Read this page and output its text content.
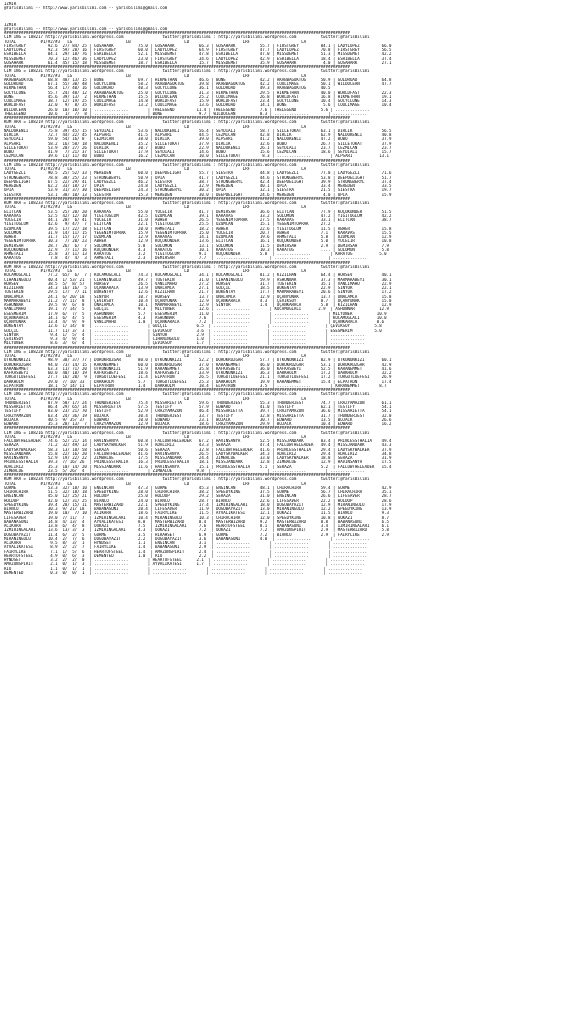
IZMIR
@YarisBilimi -- http://www.yarisbilimi.com -- yarisbilimi@gmail.com
IZMIR
@YarisBilimi -- http://www.yarisbilimi.com -- yarisbilimi@gmail.com
##############################################################################################################################################
CIM ING = 188217 http://yarisbilimi.wordpress.com                twitter:@YarisBilimi : http://yarisbilimi.wordpress.com          twitter:@YarisBilimi
TOTAL          #1/#2/#3   LG                      LB                      LD                      LRF                     LA
FIRSTGREY         92.6  27/ 84/ 25 | GOSAHARK          75.0 | GOSAHARK          66.3 | GOSAHARK          55.7 | FIRSTGREY         84.1 | LADYLOPEZ         66.0
LADYLOPEZ         92.3  59/ 28/ 16 | FIRSTGREY         60.0 | LADYLOPEZ         64.9 | FIRSTGREY         47.7 | LADYLOPEZ         70.8 | FIRSTGREY         56.5
ESRIBELLA         84.1  29/ 18/ 76 | ESRIBELLA         52.1 | MISSDEMET         47.8 | ESRIBELLA         47.0 | MISSDEMET         51.3 | MISSDEMET         42.2
MISSDEMET         70.3  12/ 46/ 36 | LADYLOPEZ         23.0 | FIRSTGREY         34.6 | LADYLOPEZ         42.9 | ESRIBELLA         18.4 | ESRIBELLA         37.4
GOSAHARK          61.4  45/ 15/ 18 | MISSDEMET         18.7 | ESRIBELLA         15.7 | MISSDEMET         35.9 | GOSAHARK           4.0 | GOSAHARK          27.1
##############################################################################################################################################
CIM ING = 188231 http://yarisbilimi.wordpress.com                twitter:@YarisBilimi : http://yarisbilimi.wordpress.com          twitter:@YarisBilimi
TOTAL          #1/#2/#3   LG                      LB                      LD                      LRF                     LA
AKABBAGÖKTUG      68.8  48/ 13/ 15 | BONE              69.7 | HIKMETHAN         46.6 | BONE              42.2 | AKABBAGÖKTUG      50.9 | GOLDROAD          64.8
GOLDROAD          67.1  55/ 30/ 48 | GOCYCLONE         58.2 | AKABBAGÖKTUG      39.8 | AKABBAGÖKTUG      42.2 | COOLIMAGE         50.1 | WILDOCEAN         47.7
HIKMETHAN         56.4  17/ 40/ 16 | GOLDROAD          40.3 | GOCYCLONE         36.1 | GOLDROAD          49.3 | AKABBAGÖKTUG      40.5
GOCYCLONE         55.7  24/ 40/ 12 | AKABBAGÖKTUG      25.0 | GOCYCLONE         31.3 | HIKMETHAN         29.5 | HIKMETHAN         40.0 | WORLDFAST         22.3
BONE              45.6  39/ 13/  2 | HIKMETHAN         15.5 | WILDOCEAN         25.2 | COOLIMAGE         26.8 | WORLDFAST         16.8 | HIKMETHAN         19.1
COOLIMAGE         38.7  12/ 19/ 25 | COOLIMAGE         14.8 | WORLDFAST         15.9 | WORLDFAST         23.4 | GOCYCLONE         10.4 | GOCYCLONE         14.3
WORLDFAST         32.0   9/  8/ 35 | WORLDFAST         13.2 | COOLIMAGE         13.6 | GOLDROAD          14.1 | BONE               5.6 | COOLIMAGE         10.4
WILDOCEAN         26.0  10/ 10/ 10 | ..............        | THELEGEND         11.4 | THELEGEND          7.6 | THELEGEND          5.6 | ..............
THELEGEND         10.6   1/  7/  8 | ..............        | BONE               9.7 | WILDOCEAN          8.3 | ..............        | ..............
##############################################################################################################################################
KUM ARA = 188219 http://yarisbilimi.wordpress.com                twitter:@YarisBilimi : http://yarisbilimi.wordpress.com          twitter:@YarisBilimi
TOTAL          #1/#2/#3   LG                      LB                      LD                      LRF                     LA
NALDÖKENLI        75.8  39/ 45/ 15 | SEYDIALI          53.6 | NALDÖKENLI        56.4 | SEYDIALI          58.7 | SILLETOKAT        63.1 | DIRLIK            56.5
DIRLIK            72.7  44/ 22/ 45 | ALPSARI           41.5 | ALPSARI           44.5 | CEZMICAN          42.8 | DIRLIK            62.9 | NALDÖKENLI        40.8
SEYDIALI          59.0  54/ 16/ 8  | CEZMICAN          38.0 | DIRLIK            39.0 | ALPSARI           41.2 | NALDÖKENLI        47.2 | BUBO              37.9
ALPSARI           58.2  16/ 58/ 18 | NALDÖKENLI        35.2 | SILLETOKAT        37.9 | DIRLIK            32.6 | BUBO              26.7 | SILLETOKAT        37.9
SILLETOKAT        53.9  20/ 27/ 26 | DIRLIK            30.7 | BUBO              22.9 | NALDÖKENLI        26.1 | SEYDIALI          23.7 | CEZMICAN          23.7
BUBO              41.9   7/ 21/ 37 | SILLETOKAT        17.9 | SEYDIALI          14.6 | BUBO              15.6 | CEZMICAN          18.6 | SEYDIALI          15.7
CEZMICAN          39.6  11/ 11/ 40 | BUBO              16.2 | CEZMICAN          10.0 | SILLETOKAT         8.3 | ..............        | ALPSARI           13.1
##############################################################################################################################################
CIM ING = 188218 http://yarisbilimi.wordpress.com                twitter:@YarisBilimi : http://yarisbilimi.wordpress.com          twitter:@YarisBilimi
TOTAL          #1/#2/#3   LG                      LB                      LD                      LRF                     LA
LADYGEZLI         90.5  25/ 52/ 33 | MEREDEN           60.0 | DEEPDELIGHT       55.7 | SIESTRA           44.8 | LADYGEZLI         77.0 | LADYGEZLI         71.6
STRONGBERYL       78.8  38/ 25/ 23 | STRONGBERYL       50.9 | OPIA              41.7 | LADYGEZLI         44.6 | STRONGBERYL       53.8 | DEEPDELIGHT       51.7
DEEPDELIGHT       67.5  22/ 29/ 41 | LADYGEZLI         46.2 | SIESTRA           38.7 | STRONGBERYL       42.4 | DEEPDELIGHT       39.9 | STRONGBERYL       37.4
MEREDEN           62.2  33/ 18/ 27 | OPIA              24.8 | LADYGEZLI         32.9 | MEREDEN           40.1 | OPIA              33.4 | MEREDEN           33.5
OPIA              53.9  31/ 37/ 30 | DEEPDELIGHT       24.3 | STRONGBERYL       30.2 | OPIA              32.1 | SIESTRA           21.5 | SIESTRA           19.7
SIESTRA           53.1  38/ 10/ 13 | SIESTRA           15.3 | MEREDEN           30.0 | DEEPDELIGHT       24.6 | MEREDEN            4.0 | OPIA              15.9
##############################################################################################################################################
KUM ARA = 188233 http://yarisbilimi.wordpress.com                twitter:@YarisBilimi : http://yarisbilimi.wordpress.com          twitter:@YarisBilimi
TOTAL          #1/#2/#3   LG                      LB                      LD                      LRF                     LA
ELITCAN           53.5  25/ 20/ 20 | KARAVAS           55.0 | YÜCELIR           41.7 | DEMIRSAH          36.6 | ELITCAN           77.9 | KÜÇÜKÖNDER        51.5
KARAVAS           52.5  42/ 12/ 10 | YIGITOGLUM        42.5 | ÖZÜMCAN           39.1 | KARAVAS           33.2 | SOLOMON           47.2 | YIGITOGLUM        42.2
YÜCELIR           44.1  20/  6/ 41 | YÜCELIR           31.0 | ABHER             26.5 | YEGENIMTOPRAK     27.5 | KARAVAS           33.1 | ELITCAN           38.7
YIGITOGLUM        42.6   9/ 47/  7 | ELITCAN           22.1 | YIGITOGLUM        25.5 | ÖZÜMCAN           15.1 | YEGENIMTOPRAK     27.2
ÖZÜMCAN           39.5  17/ 22/ 18 | ELITCAN           20.0 | AHMETALI          18.2 | ABHER             22.6 | YIGITOGLUM        11.5 | ABHER             15.8
SOLOMON           31.9  14/ 11/ 15 | YEGENIMTOPRAK     15.9 | YEGENIMTOPRAK     15.0 | YÜCELIR           20.7 | ABHER             7.1  | KARAVAS           15.5
ABHER             31.7  15/ 17/ 17 | ÖZÜMCAN           12.9 | KARAVAS           14.1 | ÖZÜMCAN           19.6 | AHMETALI          5.8  | ÖZÜMCAN           12.9
YEGENIMTOPRAK     30.3   7/ 20/ 23 | ABHER             12.9 | KÜÇÜKÖNDER        13.6 | ELITCAN           16.1 | KÜÇÜKÖNDER        5.0  | YÜCELIR           10.8
DEMIRSAH          28.7  26/  6/  7 | SOLOMON           5.8  | SOLOMON           13.1 | SOLOMON           11.5 | DEMIRSAH          2.9  | DEMIRSAH          7.9
KÜÇÜKÖNDER        22.9   7/ 11/ 16 | KÜÇÜKÖNDER        4.3  | KARATUG           10.1 | KARATUG           10.3 | KARATUG           .... | SOLOMON           5.8
AHMETALI          15.8   3/ 11/ 13 | KARATUG           3.2  | YIGITOGLUM        9.1  | KÜÇÜKÖNDER        5.8  | ..............        | KARATUG           5.0
KARATUG            7.8   4/  4/  3 | AHMETALI          2.3  | DEMIRSAH          7.7  | ..............        | ..............        | ..............
##############################################################################################################################################
KUM ARA = 188232 http://yarisbilimi.wordpress.com                twitter:@YarisBilimi : http://yarisbilimi.wordpress.com          twitter:@YarisBilimi
TOTAL          #1/#2/#3   LG                      LB                      LD                      LRF                     LA
KOCAMUGLALI       77.2  65/  6/  7 | KOCAMUGLALI       74.3 | KOCAMUGLALI       34.1 | KOCAMUGLALI       81.2 | KIZILHAN          64.4 | HÜRSEV            40.1
CIHANINGÜLÜ       40.4  1/ 53/ 21  | CIHANINGÜLÜ       49.7 | TUGTEKIN          31.0 | CIHANINGÜLÜ       59.9 | ASHÜNNAR          37.3 | MARMARABEYI       30.1
HÜRSEV            38.5  5/  8/ 57  | HÜRSEV            26.5 | VANLIMAHO         27.2 | HÜRSEV            31.7 | TUGTEKIN          35.1 | VANLIMAHO         22.9
KIZILHAN          34.3  16/ 16/  5 | UÇANKARACA        13.9 | ÜNALAMCA          27.1 | GÜLÇIL            18.5 | BÜKENTAY          22.9 | SINYOR            22.1
TUGTEKIN          29.5  17/  7/ 11 | BÜKENTAY          12.6 | KIZILHAN          21.7 | BÜKENTAY          17.7 | MARMARABEYI       20.6 | SINYOR            17.2
ÜNALAMCA          24.1  6/ 20/ 18  | SINYOR            10.7 | HÜRSEV            13.7 | ÜNALAMCA          12.9 | UÇANYUNAK         13.7 | ÜNALAMCA          15.8
MARMARABEYI       21.2  7/ 11/  8  | ÇEVIKSOY          10.4 | UÇANYUNAK         12.9 | UÇANKARACA        4.3  | ÇEVIKSOY          8.7  | UÇANYUNAK         15.0
ASHÜNNAR          19.5  9/  6/  8  | ÜNALAMCA          10.1 | MARMARABEYI       12.9 | SINYOR            1.4  | UÇANKARACA        5.8  | KIZILHAN          12.9
VANLIMAHO         19.1  7/ 14/  5  | GÜLÇIL            9.3  | MILYONER          12.6 | ..............        | KOCAMUGLALI       2.9  | ASHÜNNAR          12.9
ESESMERIM         17.9  6/  7/  5  | ASHÜNNAR          5.7  | ESESMERIM         11.0 | ..............        | ..............        | MILYONER          10.9
UÇANKARACA        14.1  6/  4/  5  | ESESMERIM         4.3  | ASHÜNNAR          7.6  | ..............        | ..............        | KOCAMUGLALI       10.0
UÇANYUNAK         13.4  4/  9/  9  | VANLIMAHO         1.0  | UÇANKARACA        7.2  | ..............        | ..............        | UÇANKARACA        8.6
BÜKENTAY          12.6  1/ 14/  8  | ..............        | GÜLÇIL            6.5  | ..............        | ..............        | ÇEVIKSOY          5.8
GÜLÇIL            11.7  11/ 3/  3  | ..............        | ÇEVIKSOY          3.6  | ..............        | ..............        | ESESMERIM         5.0
SINYOR             9.4  1/  5/  4  | ..............        | SINYOR            2.9  | ..............        | ..............        | ..............
ÇEVIKSOY           9.3  4/  9/  4  | ..............        | CIHANINGÜLÜ       1.0  | ..............        | ..............        | ..............
MILYONER           8.6  3/  6/  4  | ..............        | ÇEVIKSOY          1.7  | ..............        | ..............        | ..............
##############################################################################################################################################
CIM ING = 188228 http://yarisbilimi.wordpress.com                twitter:@YarisBilimi : http://yarisbilimi.wordpress.com          twitter:@YarisBilimi
TOTAL          #1/#2/#3   LG                      LB                      LD                      LRF                     LA
UTKUNUNKIZI       98.9  38/ 37/ 77 | DORUKRÜZGAR       80.0 | UTKUNUNKIZI       52.2 | DORUKRÜZGAR       57.7 | UTKUNUNKIZI       82.9 | UTKUNUNKIZI       60.1
DORUKRÜZGAR       94.0  73/ 14/ 15 | KARANEMMET        60.0 | DORUKRÜZGAR       37.0 | KARANEMMET        46.0 | DORUKRÜZGAR       53.1 | DORUKRÜZGAR       42.9
KARANEMMET        63.3  11/ 71/ 20 | UTKUNUNKIZI       51.9 | KARANEMMET        35.8 | KAFKASBEYI        36.0 | KAFKASBEYI        52.5 | KARANEMMET        41.6
KAFKASBEYI        60.0  40/ 18/ 19 | KAFKASBEYI        18.6 | KAFKASBEYI        33.9 | UTKUNUNKIZI       36.3 | DARKHOLM          17.2 | DARKHOLM          32.2
TURGUTLUEFESI     27.7  16/ 20/  9 | TURGUTLUEFESI     11.4 | ELPATRON          26.5 | TURGUTLUEFESI     21.1 | TURGUTLUEFESI     17.2 | TURGUTLUEFESI     26.9
DARKHOLM          29.0  7/ 10/ 33  | DARKHOLM          5.7  | TURGUTLUEFESI     25.3 | DARKHOLM          19.9 | KARANEMMET        15.4 | ELPATRON          17.4
ELPATRON          18.1  5/ 14/ 11  | ELPATRON          1.4  | DARKHOLM          18.4 | ELPATRON          3.5  | ..............        | KARANEMMET        8.7
##############################################################################################################################################
CIM ING = 188220 http://yarisbilimi.wordpress.com                twitter:@YarisBilimi : http://yarisbilimi.wordpress.com          twitter:@YarisBilimi
TOTAL          #1/#2/#3   LG                      LB                      LD                      LRF                     LA
THUNDERJEST       87.9  58/ 17/ 24 | THUNDERJEST       75.4 | MISSARIETTA       59.6 | THUNDERJEST       55.3 | THUNDERJEST       74.7 | CRAZYAMAZON       61.1
MISSARIETTA       86.4  29/ 65/ 14 | MISSARIETTA       57.5 | TESTIFY           57.9 | EDWARD            41.0 | TESTIFY           62.1 | TESTIFY           54.1
TESTIFY           83.0  23/ 21/ 70 | TESTIFY           52.9 | CRAZYAMAZON       46.4 | MISSARIETTA       39.7 | CRAZYAMAZON       36.6 | MISSARIETTA       54.1
CRAZYAMAZON       63.4  24/ 36/ 19 | BOJACK            30.4 | THUNDERJEST       33.7 | TESTIFY           32.8 | MISSARIETTA       31.7 | THUNDERJEST       32.0
BOJACK            40.5  9/ 35/ 37  | EDWARD            20.0 | EDWARD            23.1 | BOJACK            30.7 | EDWARD            13.5 | BOJACK            26.6
EDWARD            35.3  28/ 13/  7 | CRAZYAMAZON       12.9 | BOJACK            18.6 | CRAZYAMAZON       29.9 | BOJACK            10.4 | EDWARD            16.2
##############################################################################################################################################
CIM ING = 188216 http://yarisbilimi.wordpress.com                twitter:@YarisBilimi : http://yarisbilimi.wordpress.com          twitter:@YarisBilimi
TOTAL          #1/#2/#3   LG                      LB                      LD                      LRF                     LA
FALLOWTHELEADER   74.6  52/ 21/ 14 | HAVINSANYA        60.8 | FALLOWTHELEADER   67.2 | HAVINSANYA        52.5 | MISSJANDARK       83.4 | PRINCESSTHALIA    49.4
SERAZA            71.2  32/ 49/ 13 | LADYSKYWALKER     51.9 | ADALIRIZ          43.3 | SERAZA            47.4 | FALLOWTHELEADER   49.4 | MISSJANDARK       43.3
LADYSKYWALKER     58.3  13/ 18/ 58 | SERAZA            50.6 | SERAZA            32.8 | FALLOWTHELEADER   41.6 | PRINCESSTHALIA    29.4 | LADYSKYWALKER     37.9
MISSJANDARK       55.8  22/ 16/ 20 | FALLOWTHELEADER   41.6 | HAVINSANYA        26.5 | LADYSKYWALKER     34.3 | ADALIRIZ          29.4 | ADALIRIZ          34.8
HAVINSANYA        52.9  19/ 22/ 22 | ZIMBALUE          17.5 | MISSJANDARK       24.4 | ZIMBALUE          33.0 | LADYSKYWALKER     18.8 | SERAZA            31.9
PRINCESSTHALIA    39.3  7/ 16/ 26  | PRINCESSTHALIA    16.3 | PRINCESSTHALIA    18.1 | MISSJANDARK       12.8 | ZIMBALUE          12.9 | HAVINSANYA        17.5
ADALIRIZ          35.3  10/ 14/ 20 | MISSJANDARK       11.6 | HAVINSANYA        15.1 | PRINCESSTHALIA    5.1  | SERAZA            5.2  | FALLOWTHELEADER   15.4
ZIMBALUE          23.5  5/ 26/  4  | ..............        | ZIMBALUE          9.8  | ..............        | ..............        | ..............
##############################################################################################################################################
KUM ARA = 188234 http://yarisbilimi.wordpress.com                twitter:@YarisBilimi : http://yarisbilimi.wordpress.com          twitter:@YarisBilimi
TOTAL          #1/#2/#3   LG                      LB                      LD                      LRF                     LA
GURME             53.3  32/ 18/ 10 | ENGINCAN          47.3 | GURME             45.3 | ENGINCAN          48.1 | CHIRACHIRA        59.4 | GURME             42.9
CHIRACHIRA        51.5  32/ 18/ 18 | SPEEDYKING        28.0 | CHIRACHIRA        38.2 | SPEEDYKING        37.5 | GURME             56.7 | CHIRACHIRA        35.1
ENGINCAN          45.0  12/ 25/ 21 | HOLDUP            25.0 | HOLDUP            29.2 | SERAZA            31.0 | ENGINCAN          26.6 | LIFESAVER         28.7
HOLDUP            42.0  12/ 31/ 25 | BIANCO            24.0 | BIANCO            28.7 | BIANCO            22.6 | LIFESAVER         22.2 | HOLDUP            28.6
SPEEDYKING        39.4  20/ 15/ 11 | MASTERWIZARD      22.1 | SPEEDYKING        17.4 | IZMIRINGALARI     18.0 | DOGUBAYAZIT       12.9 | MIRANINGÜLÜ       17.9
BIANCO            30.3  9/ 21/ 18  | BABANASUNI        20.4 | LIFESAVER         11.9 | DOGUBAYAZIT       13.0 | MIRANINGÜLÜ       12.2 | SPEEDYKING        13.9
MASTERWIZARD      19.0  10/  7/ 10 | ACIKARA           18.6 | FAIRYLIKE         11.5 | AYVALIKATESI      12.1 | OOKAZI            11.5 | BIANCO            9.3
LIFESAVER         19.0  7/ 11/  7  | IZMIRINGALARI     10.4 | MIRANINGÜLÜ       10.3 | CHIRACHIRA        12.0 | SPEEDYKING        10.8 | OOKAZI            8.7
BABANASUNI        14.8  4/ 13/  4  | AYVALIKATESI      8.8  | MASTERWIZARD      8.4  | MASTERWIZARD      9.2  | MASTERWIZARD      8.8  | BABANASUNI        6.5
ACIKARA           13.8  6/  4/  8  | OOKAZI            7.5  | IZMIRINGALARI     7.6  | HEARTOFSTEEL      8.1  | BABANASUNI        3.4  | IZMIRINGALARI     6.1
IZMIRINGALARI     13.6  13/ 3/  3  | IZMIRINGALARI     4.3  | OOKAZI            7.2  | OOKAZI            7.2  | AMAZONSPIRIT      2.9  | MASTERWIZARD      5.8
DOGUBAYAZIT       11.4  6/  2/  5  | GURME             3.5  | HIRAHSET          6.9  | GURME             7.2  | BIANCO            2.9  | FAIRYLIKE         2.9
MIRANINGÜLÜ       10.4  2/  7/  6  | DOGUBAYAZIT       2.2  | DOGUBAYAZIT       3.6  | BABANASUNI        4.0  | ..............        | ..............
ACIKARA            9.5  8/  3/  1  | HYNDSET           1.1  | ENGINCAN          3.1  | ..............        | ..............        | ..............
AYVALIKATESI       8.9  2/  2/  7  | FAIRYLIKE         1.4  | BABANASUNI        2.9  | ..............        | ..............        | ..............
FAIRYLIKE          7.1  1/  5/  6  | HEARTOFSTEEL      1.4  | AMAZONSPIRIT      2.4  | ..............        | ..............        | ..............
HEARTOFSTEEL       4.9  0/  6/  3  | DEMENTED          1.0  | RIO               2.2  | ..............        | ..............        | ..............
HYNDSET            3.2  2/  2/  0  | ..............        | HEARTOFSTEEL      2.1  | ..............        | ..............        | ..............
AMAZONSPIRIT       2.1  0/  1/  3  | ..............        | AYVALIKATESI      1.7  | ..............        | ..............        | ..............
RIO                1.1  0/  1/  1  | ..............        | ..............        | ..............        | ..............        | ..............
DEMENTED           0.3  0/  0/  1  | ..............        | ..............        | ..............        | ..............        | ..............
